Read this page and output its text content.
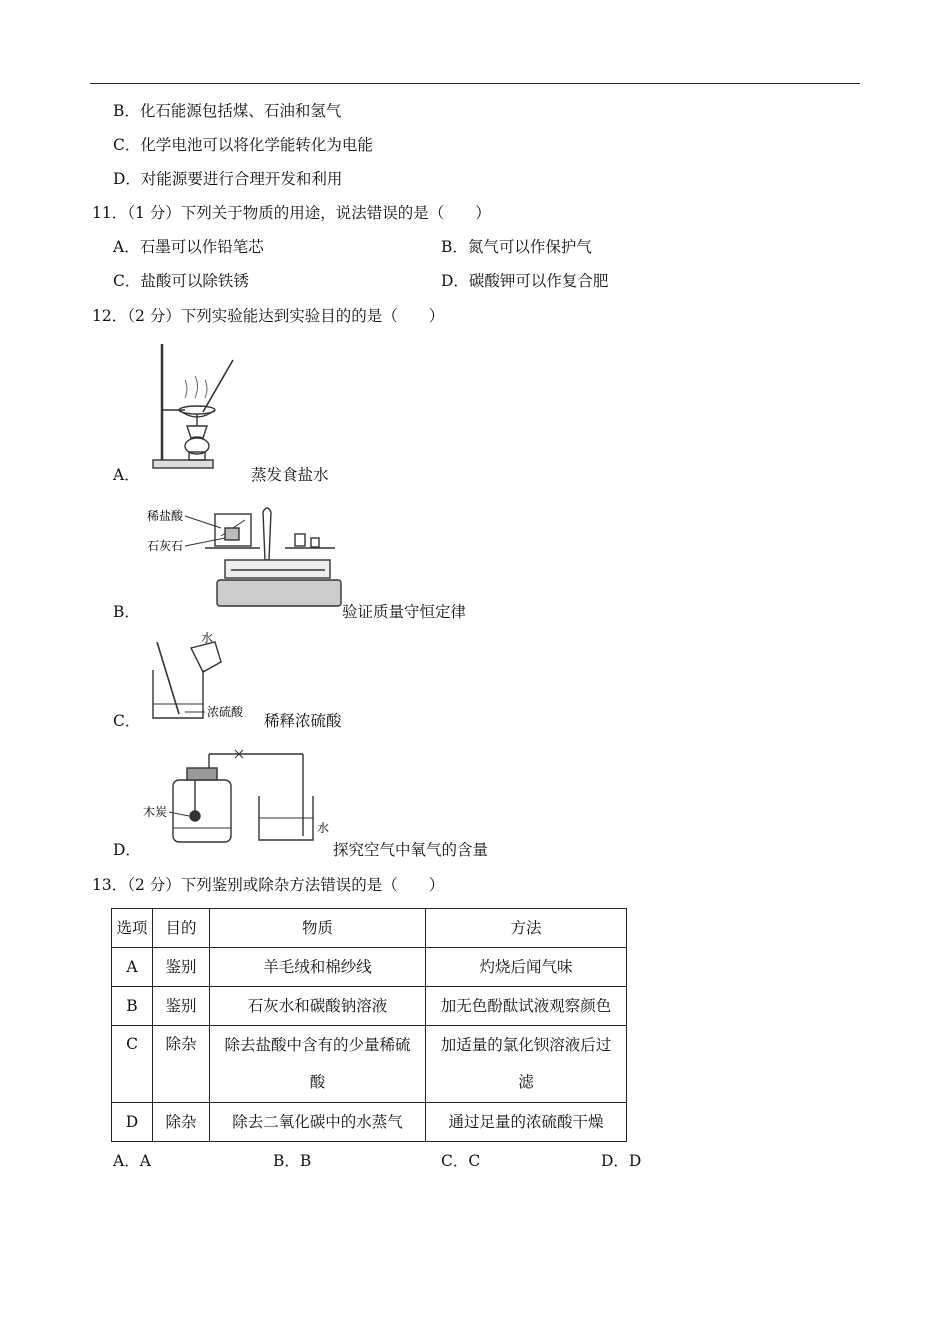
B．化石能源包括煤、石油和氢气
C．化学电池可以将化学能转化为电能
D．对能源要进行合理开发和利用
11．（1 分）下列关于物质的用途，说法错误的是（　　）
A．石墨可以作铅笔芯	B．氮气可以作保护气
C．盐酸可以除铁锈	D．碳酸钾可以作复合肥
12．（2 分）下列实验能达到实验目的的是（　　）
A．	蒸发食盐水
稀盐酸
石灰石
B．	验证质量守恒定律
水
浓硫酸
C．	稀释浓硫酸
木炭
水
D．	探究空气中氧气的含量
13．（2 分）下列鉴别或除杂方法错误的是（　　）
选项	目的	物质	方法
A	鉴别	羊毛绒和棉纱线	灼烧后闻气味
B	鉴别	石灰水和碳酸钠溶液	加无色酚酞试液观察颜色
C	除杂	除去盐酸中含有的少量稀硫酸	加适量的氯化钡溶液后过滤
D	除杂	除去二氧化碳中的水蒸气	通过足量的浓硫酸干燥
A．A	B．B	C．C	D．D
